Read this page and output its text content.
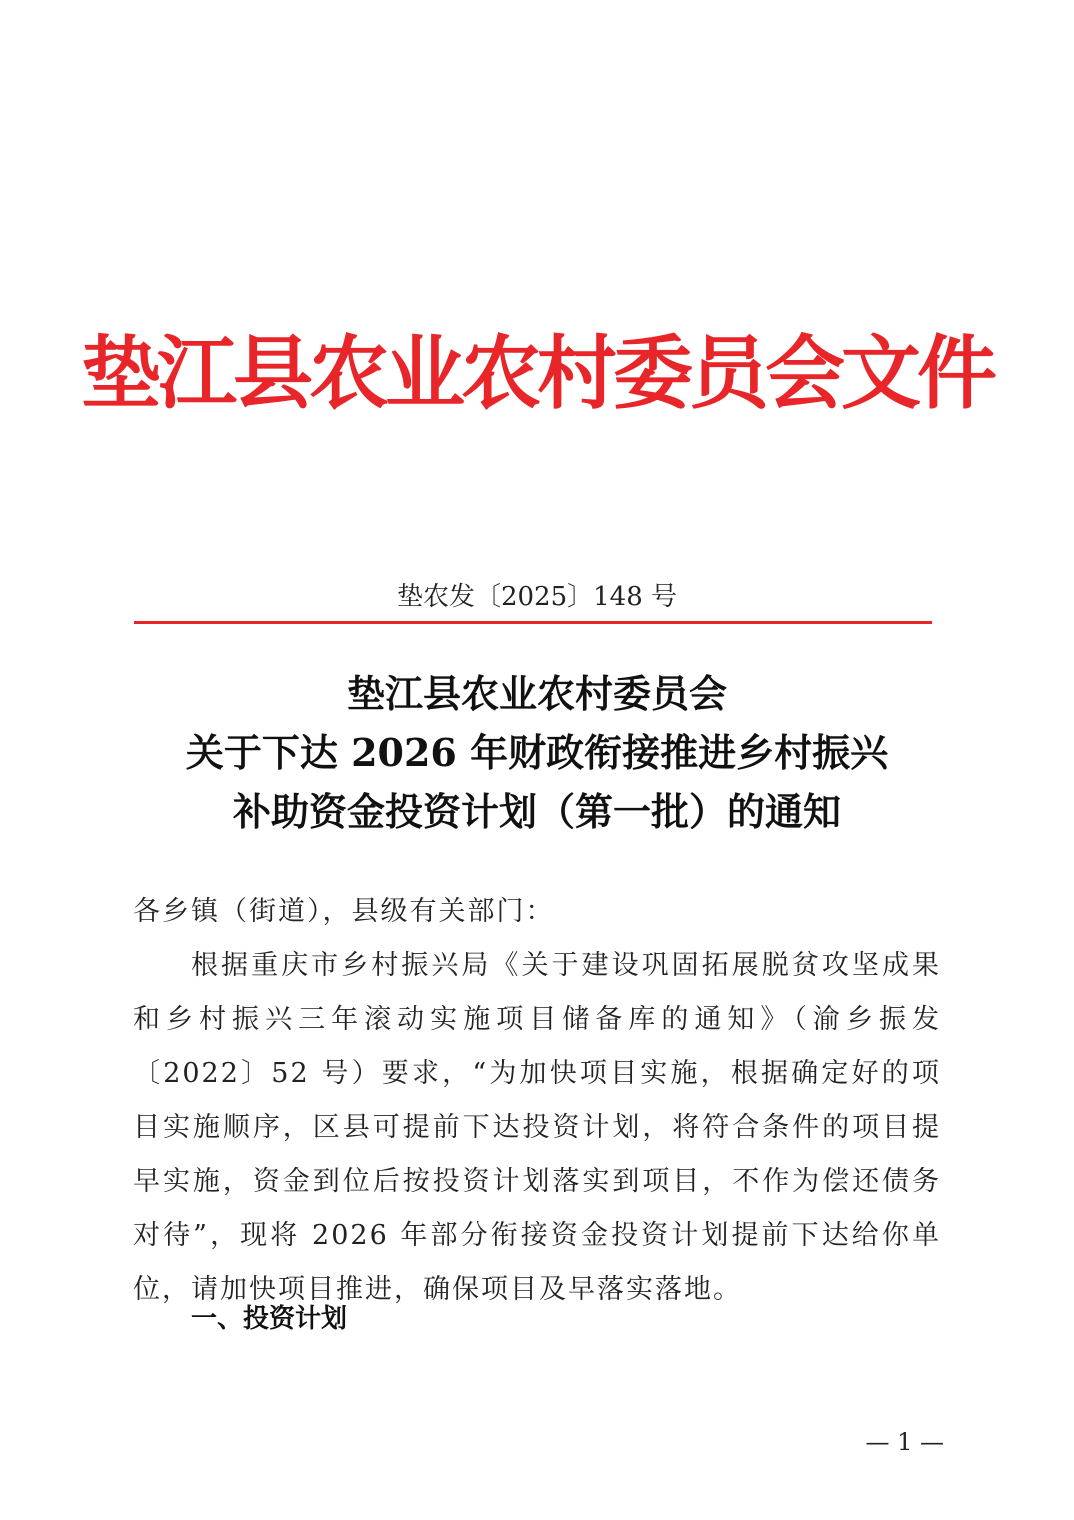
垫江县农业农村委员会文件
垫农发〔2025〕148 号
垫江县农业农村委员会
关于下达 2026 年财政衔接推进乡村振兴
补助资金投资计划（第一批）的通知

各乡镇（街道），县级有关部门：

根据重庆市乡村振兴局《关于建设巩固拓展脱贫攻坚成果和乡村振兴三年滚动实施项目储备库的通知》（渝乡振发〔2022〕52 号）要求，“为加快项目实施，根据确定好的项目实施顺序，区县可提前下达投资计划，将符合条件的项目提早实施，资金到位后按投资计划落实到项目，不作为偿还债务对待”，现将 2026 年部分衔接资金投资计划提前下达给你单位，请加快项目推进，确保项目及早落实落地。

一、投资计划
— 1 —
